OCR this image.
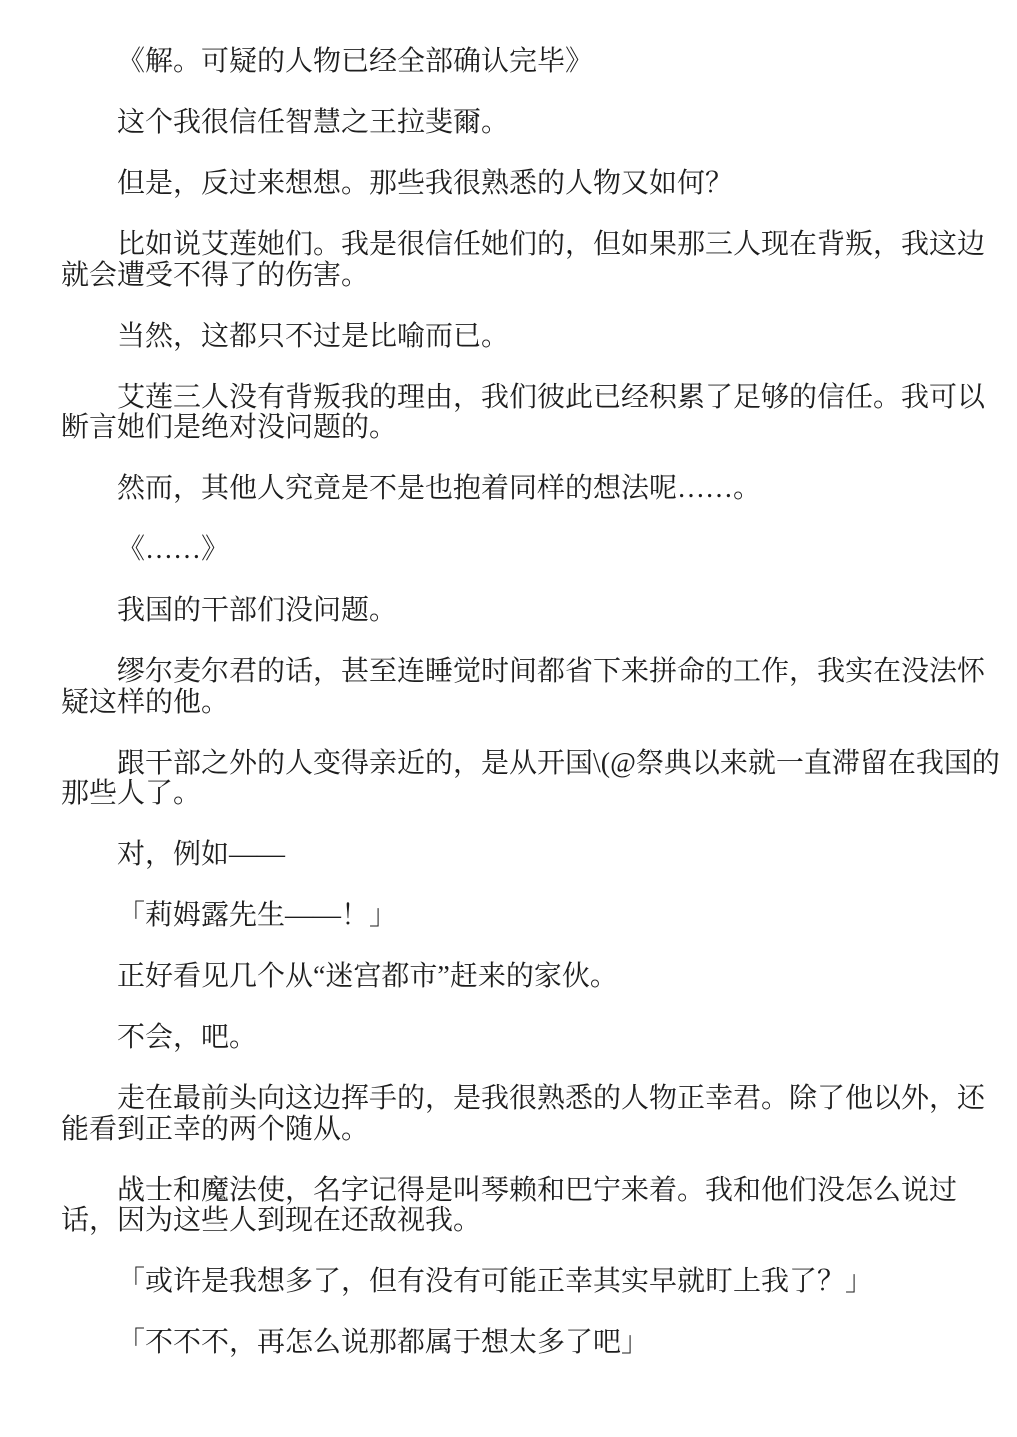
《解。可疑的人物已经全部确认完毕》

这个我很信任智慧之王拉斐爾。

但是，反过来想想。那些我很熟悉的人物又如何？

比如说艾莲她们。我是很信任她们的，但如果那三人现在背叛，我这边
就会遭受不得了的伤害。

当然，这都只不过是比喻而已。

艾莲三人没有背叛我的理由，我们彼此已经积累了足够的信任。我可以
断言她们是绝对没问题的。

然而，其他人究竟是不是也抱着同样的想法呢……。

《……》

我国的干部们没问题。

缪尔麦尔君的话，甚至连睡觉时间都省下来拼命的工作，我实在没法怀
疑这样的他。

跟干部之外的人变得亲近的，是从开国\(@祭典以来就一直滞留在我国的
那些人了。

对，例如——

「莉姆露先生——！」

正好看见几个从“迷宫都市”赶来的家伙。

不会，吧。

走在最前头向这边挥手的，是我很熟悉的人物正幸君。除了他以外，还
能看到正幸的两个随从。

战士和魔法使，名字记得是叫琴赖和巴宁来着。我和他们没怎么说过
话，因为这些人到现在还敌视我。

「或许是我想多了，但有没有可能正幸其实早就盯上我了？」

「不不不，再怎么说那都属于想太多了吧」
